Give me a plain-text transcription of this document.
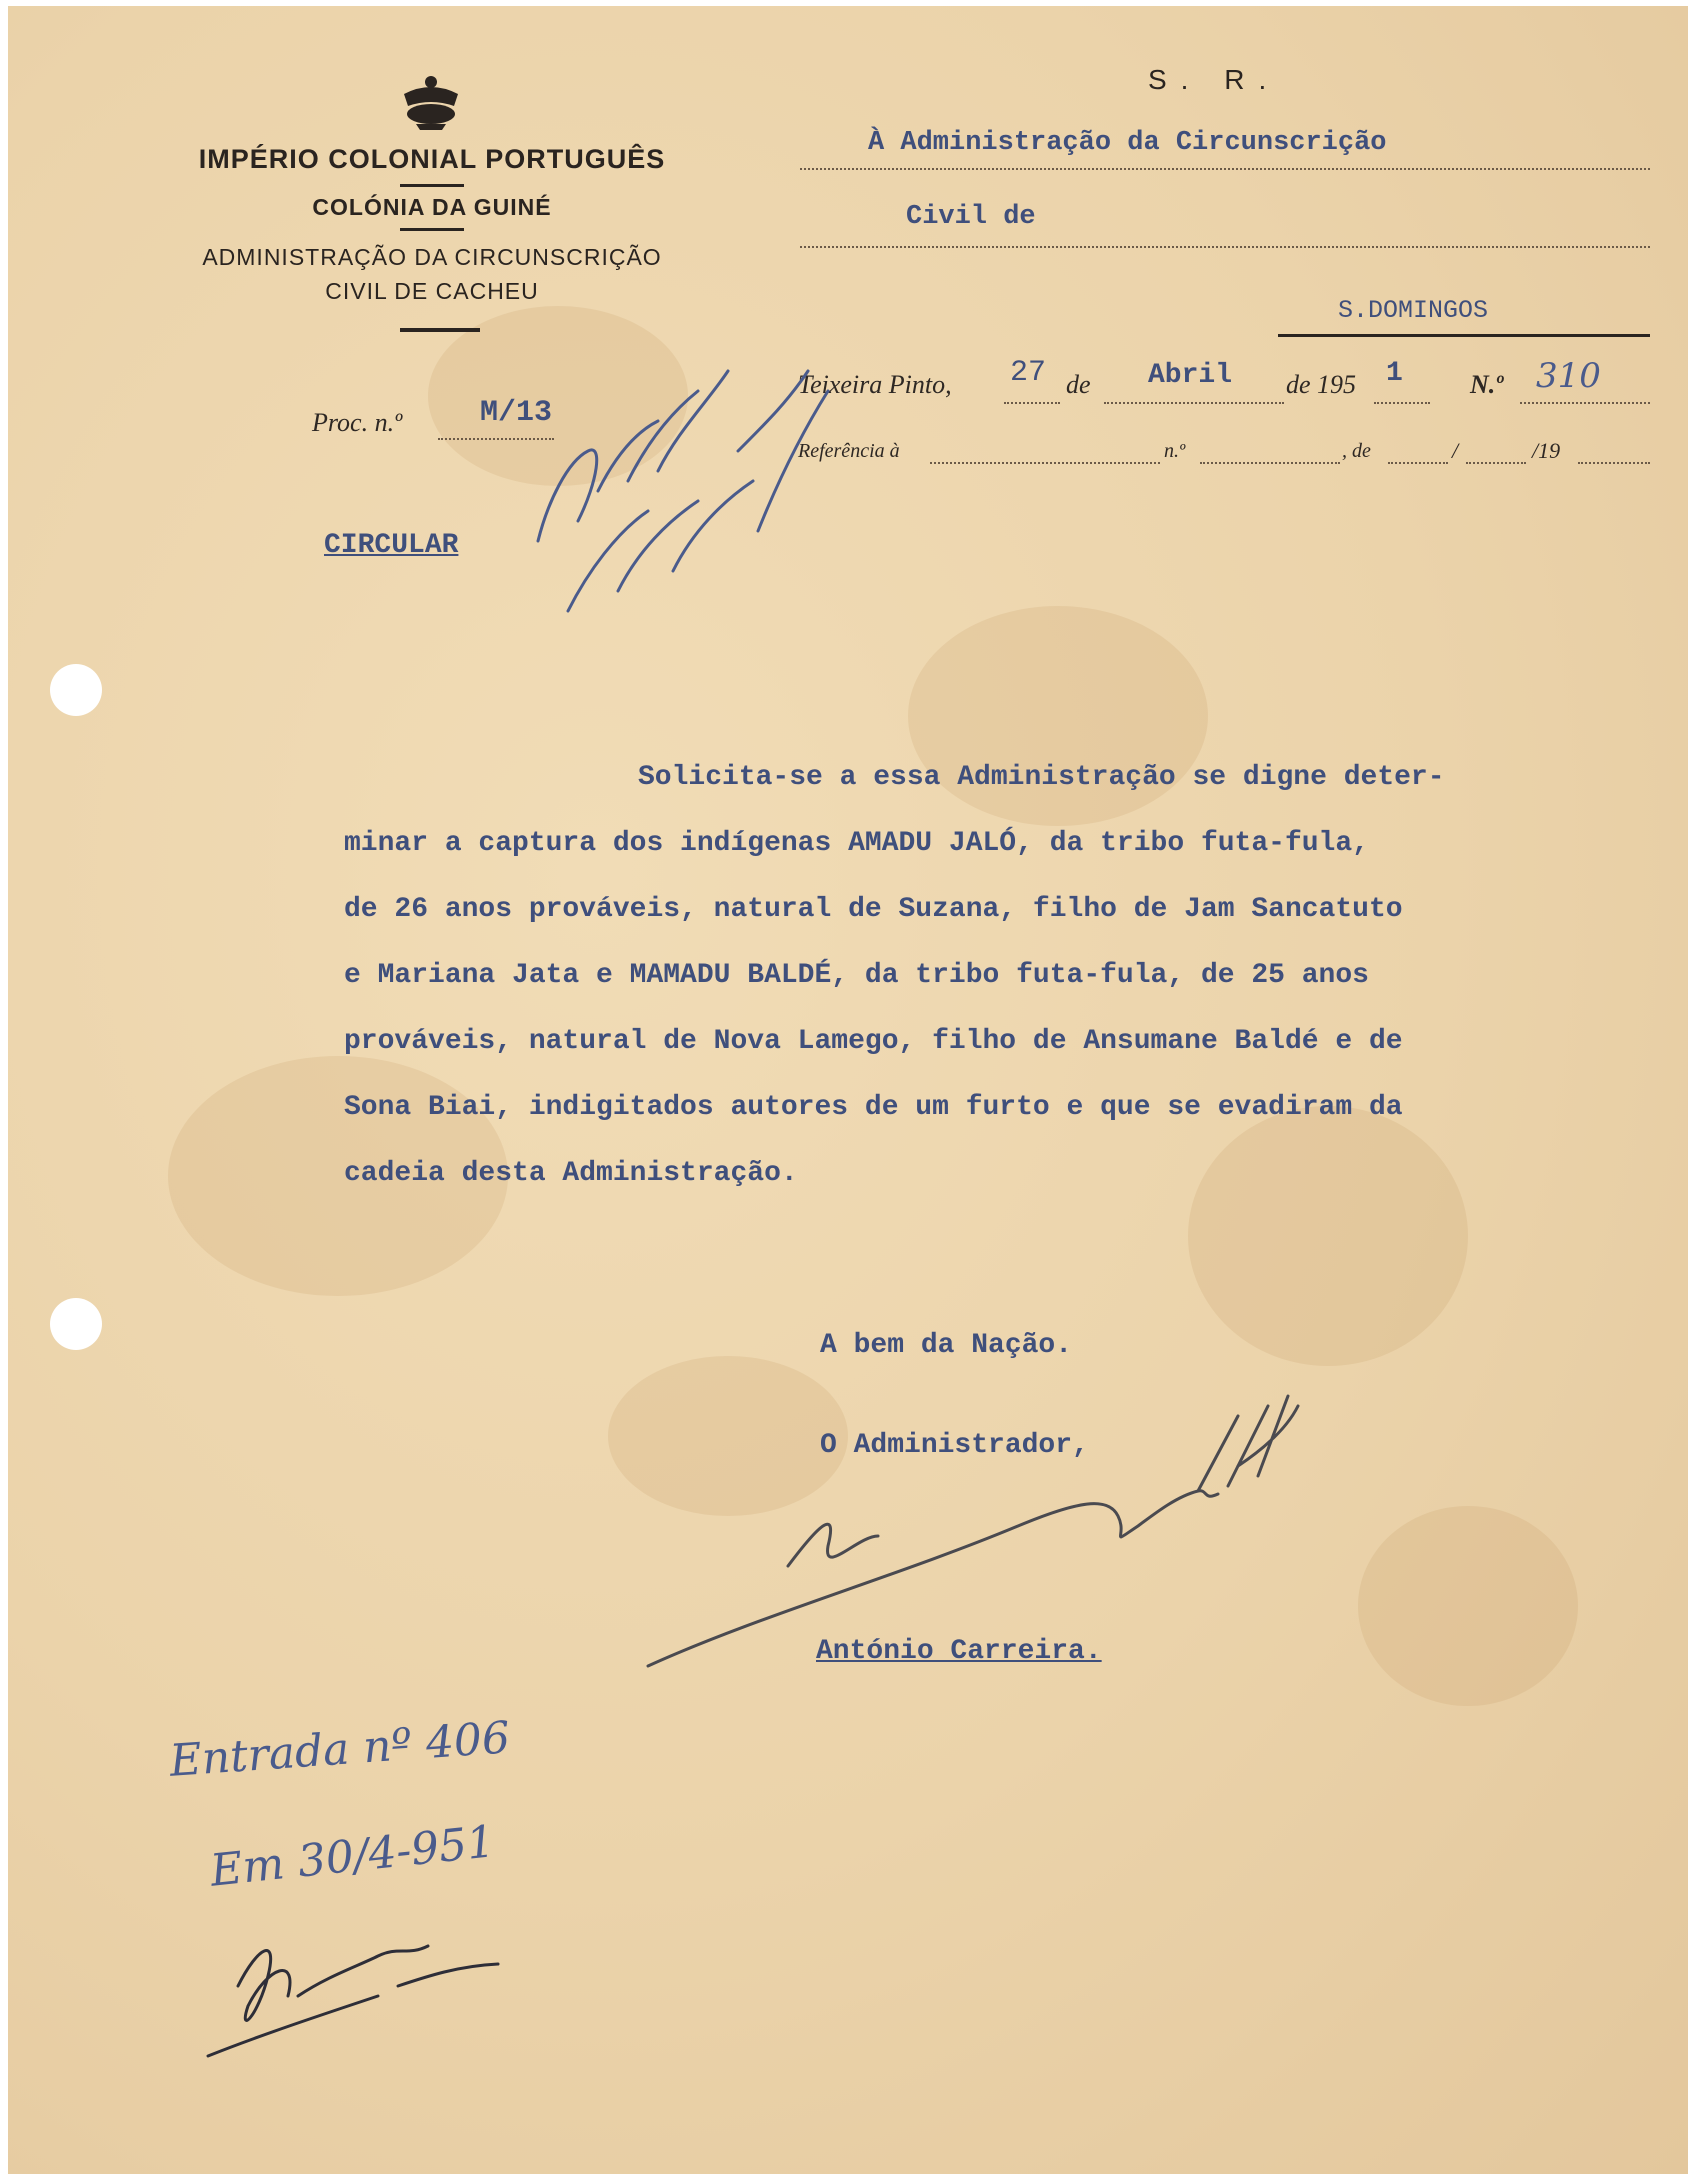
IMPÉRIO COLONIAL PORTUGUÊS
COLÓNIA DA GUINÉ
ADMINISTRAÇÃO DA CIRCUNSCRIÇÃO
CIVIL DE CACHEU
S. R.
À Administração da Circunscrição
Civil de
S.DOMINGOS
Teixeira Pinto, 27 de Abril de 195 1	N.º 310
Referência à	n.º	, de	/	/19
Proc. n.º	M/13
CIRCULAR
Solicita-se a essa Administração se digne deter-
minar a captura dos indígenas AMADU JALÓ, da tribo futa-fula,
de 26 anos prováveis, natural de Suzana, filho de Jam Sancatuto
e Mariana Jata e MAMADU BALDÉ, da tribo futa-fula, de 25 anos
prováveis, natural de Nova Lamego, filho de Ansumane Baldé e de
Sona Biai, indigitados autores de um furto e que se evadiram da
cadeia desta Administração.
A bem da Nação.
O Administrador,
António Carreira.
Entrada nº 406
Em 30/4-951
